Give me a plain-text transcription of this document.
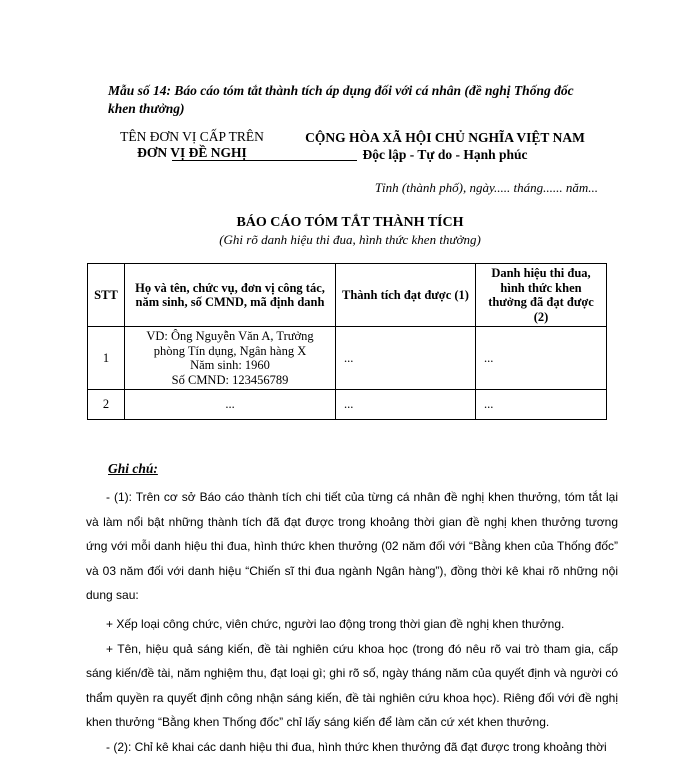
Mẫu số 14: Báo cáo tóm tắt thành tích áp dụng đối với cá nhân (đề nghị Thống đốc khen thưởng)
TÊN ĐƠN VỊ CẤP TRÊN
ĐƠN VỊ ĐỀ NGHỊ
CỘNG HÒA XÃ HỘI CHỦ NGHĨA VIỆT NAM
Độc lập - Tự do - Hạnh phúc
Tỉnh (thành phố), ngày..... tháng...... năm...
BÁO CÁO TÓM TẮT THÀNH TÍCH
(Ghi rõ danh hiệu thi đua, hình thức khen thưởng)
STT	Họ và tên, chức vụ, đơn vị công tác, năm sinh, số CMND, mã định danh	Thành tích đạt được (1)	Danh hiệu thi đua, hình thức khen thưởng đã đạt được (2)
1	VD: Ông Nguyễn Văn A, Trưởng
phòng Tín dụng, Ngân hàng X
Năm sinh: 1960
Số CMND: 123456789	...	...
2	...	...	...
Ghi chú:

- (1): Trên cơ sở Báo cáo thành tích chi tiết của từng cá nhân đề nghị khen thưởng, tóm tắt lại và làm nổi bật những thành tích đã đạt được trong khoảng thời gian đề nghị khen thưởng tương ứng với mỗi danh hiệu thi đua, hình thức khen thưởng (02 năm đối với “Bằng khen của Thống đốc” và 03 năm đối với danh hiệu “Chiến sĩ thi đua ngành Ngân hàng”), đồng thời kê khai rõ những nội dung sau:

+ Xếp loại công chức, viên chức, người lao động trong thời gian đề nghị khen thưởng.

+ Tên, hiệu quả sáng kiến, đề tài nghiên cứu khoa học (trong đó nêu rõ vai trò tham gia, cấp sáng kiến/đề tài, năm nghiệm thu, đạt loại gì; ghi rõ số, ngày tháng năm của quyết định và người có thẩm quyền ra quyết định công nhận sáng kiến, đề tài nghiên cứu khoa học). Riêng đối với đề nghị khen thưởng “Bằng khen Thống đốc” chỉ lấy sáng kiến để làm căn cứ xét khen thưởng.

- (2): Chỉ kê khai các danh hiệu thi đua, hình thức khen thưởng đã đạt được trong khoảng thời
